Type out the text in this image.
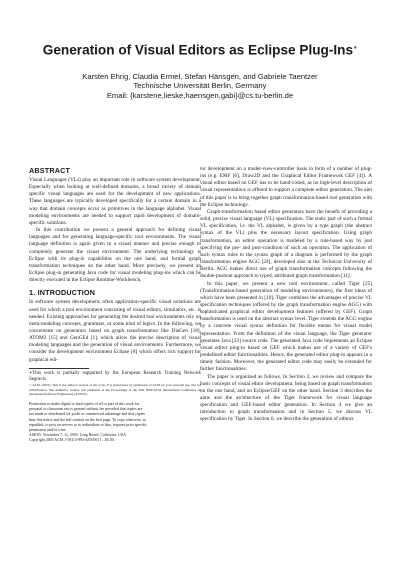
Generation of Visual Editors as Eclipse Plug-Ins∗
Karsten Ehrig, Claudia Ermel, Stefan Hänsgen, and Gabriele Taentzer
Technische Universität Berlin, Germany
Email: {karstene,lieske,haensgen,gabi}@cs.tu-berlin.de
ABSTRACT

Visual Languages (VLs) play an important role in software system development. Especially when looking at well-defined domains, a broad variety of domain specific visual languages are used for the development of new applications. These languages are typically developed specifically for a certain domain in a way that domain concepts occur as primitives in the language alphabet. Visual modeling environments are needed to support rapid development of domain-specific solutions.

In this contribution we present a general approach for defining visual languages and for generating language-specific tool environments. The visual language definition is again given in a visual manner and precise enough to completely generate the visual environment. The underlying technology is Eclipse with its plug-in capabilities on the one hand, and formal graph transformation techniques on the other hand. More precisely, we present an Eclipse plug-in generating Java code for visual modeling plug-ins which can be directly executed in the Eclipse Runtime-Workbench.

1. INTRODUCTION

In software system development, often application-specific visual notations are used for which a tool environment consisting of visual editors, simulators, etc. is needed. Existing approaches for generating the desired tool environments rely on meta-modeling concepts, grammars, or some kind of logics. In the following, we concentrate on generators based on graph transformation like DiaGen [18], ATOM3 [15] and GenGEd [1], which allow the precise description of visual modeling languages and the generation of visual environments. Furthermore, we consider the development environment Eclipse [8] which offers rich support for graphical edi-

∗This work is partially supported by the European Research Training Network Segravis.

© ACM, (2005). This is the author's version of the work. It is posted here by permission of ACM for your personal use. Not for redistribution. The definitive version was published in the Proceedings of the 20th IEEE/ACM International Conference on Automated Software Engineering (ASE'05).

Permission to make digital or hard copies of all or part of this work for
personal or classroom use is granted without fee provided that copies are
not made or distributed for profit or commercial advantage and that copies
bear this notice and the full citation on the first page. To copy otherwise, to
republish, to post on servers or to redistribute to lists, requires prior specific
permission and/or a fee.
ASE'05, November 7–11, 2005, Long Beach, California, USA.
Copyright 2005 ACM 1-58113-993-4/05/0011 ...$5.00.

tor development on a model-view-controller basis in form of a number of plug-ins (e.g. EMF [6], Draw2D and the Graphical Editor Framework GEF [4]). A visual editor based on GEF has to be hand-coded, as no high-level description of visual representations is offered to support a complete editor generation. The aim of this paper is to bring together graph transformation-based tool generation with the Eclipse technology.

Graph-transformation based editor generators have the benefit of providing a solid, precise visual language (VL) specification. The static part of such a formal VL specification, i.e. the VL alphabet, is given by a type graph (the abstract syntax of the VL) plus the necessary layout specification. Using graph transformation, an editor operation is modeled by a rule-based way by just specifying the pre- and post-condition of such an operation. The application of such syntax rules to the syntax graph of a diagram is performed by the graph transformation engine AGG [24], developed also at the Technical University of Berlin. AGG makes direct use of graph transformation concepts following the double-pushout approach to typed, attributed graph transformation [11].

In this paper, we present a new tool environment, called Tiger [25] (Transformation-based generation of modeling environments), the first ideas of which have been presented in [10]. Tiger combines the advantages of precise VL specification techniques (offered by the graph transformation engine AGG) with sophisticated graphical editor development features (offered by GEF). Graph transformation is used on the abstract syntax level. Tiger extends the AGG engine by a concrete visual syntax definition for flexible means for visual model representation. From the definition of the visual language, the Tiger generator generates Java [23] source code. The generated Java code implements an Eclipse visual editor plug-in based on GEF which makes use of a variety of GEF's predefined editor functionalities. Hence, the generated editor plug-in appears in a timely fashion. Moreover, the generated editor code may easily be extended for further functionalities.

The paper is organized as follows. In Section 2, we review and compare the basic concepts of visual editor development, being based on graph transformation on the one hand, and on Eclipse/GEF on the other hand. Section 3 describes the aims and the architecture of the Tiger framework for visual language specification and GEF-based editor generation. In Section 4 we give an introduction to graph transformation and in Section 5, we discuss VL specification by Tiger. In Section 6, we describe the generation of editors
